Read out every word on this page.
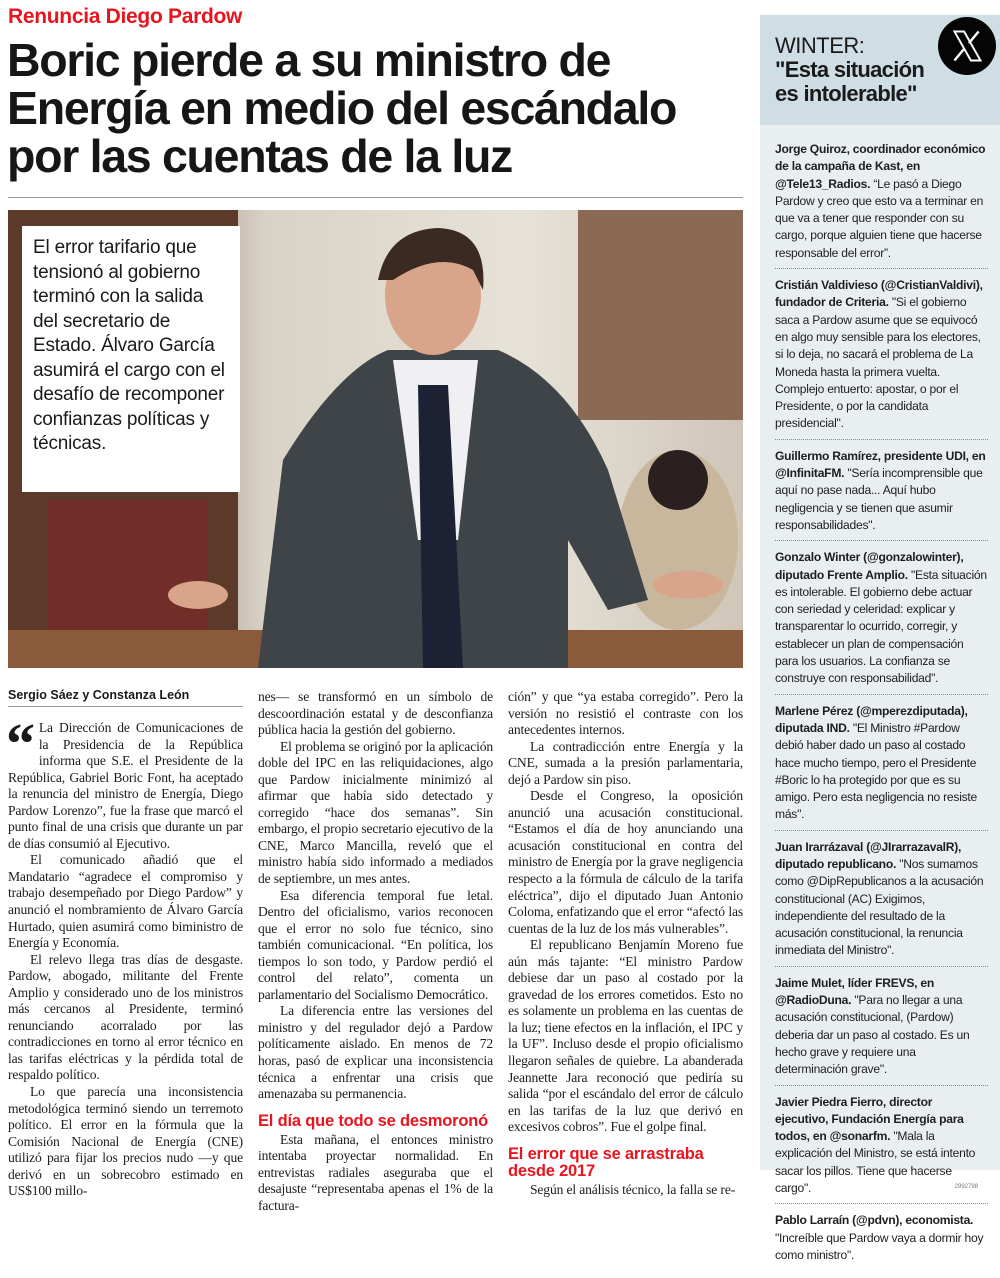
Renuncia Diego Pardow
Boric pierde a su ministro de Energía en medio del escándalo por las cuentas de la luz
El error tarifario que tensionó al gobierno terminó con la salida del secretario de Estado. Álvaro García asumirá el cargo con el desafío de recomponer confianzas políticas y técnicas.
Sergio Sáez y Constanza León

“ La Dirección de Comunicaciones de la Presidencia de la República informa que S.E. el Presidente de la República, Gabriel Boric Font, ha aceptado la renuncia del ministro de Energía, Diego Pardow Lorenzo”, fue la frase que marcó el punto final de una crisis que durante un par de días consumió al Ejecutivo.

El comunicado añadió que el Mandatario “agradece el compromiso y trabajo desempeñado por Diego Pardow” y anunció el nombramiento de Álvaro García Hurtado, quien asumirá como biministro de Energía y Economía.

El relevo llega tras días de desgaste. Pardow, abogado, militante del Frente Amplio y considerado uno de los ministros más cercanos al Presidente, terminó renunciando acorralado por las contradicciones en torno al error técnico en las tarifas eléctricas y la pérdida total de respaldo político.

Lo que parecía una inconsistencia metodológica terminó siendo un terremoto político. El error en la fórmula que la Comisión Nacional de Energía (CNE) utilizó para fijar los precios nudo —y que derivó en un sobrecobro estimado en US$100 millo-

nes— se transformó en un símbolo de descoordinación estatal y de desconfianza pública hacia la gestión del gobierno.

El problema se originó por la aplicación doble del IPC en las reliquidaciones, algo que Pardow inicialmente minimizó al afirmar que había sido detectado y corregido “hace dos semanas”. Sin embargo, el propio secretario ejecutivo de la CNE, Marco Mancilla, reveló que el ministro había sido informado a mediados de septiembre, un mes antes.

Esa diferencia temporal fue letal. Dentro del oficialismo, varios reconocen que el error no solo fue técnico, sino también comunicacional. “En política, los tiempos lo son todo, y Pardow perdió el control del relato”, comenta un parlamentario del Socialismo Democrático.

La diferencia entre las versiones del ministro y del regulador dejó a Pardow políticamente aislado. En menos de 72 horas, pasó de explicar una inconsistencia técnica a enfrentar una crisis que amenazaba su permanencia.

El día que todo se desmoronó

Esta mañana, el entonces ministro intentaba proyectar normalidad. En entrevistas radiales aseguraba que el desajuste “representaba apenas el 1% de la factura-

ción” y que “ya estaba corregido”. Pero la versión no resistió el contraste con los antecedentes internos.

La contradicción entre Energía y la CNE, sumada a la presión parlamentaria, dejó a Pardow sin piso.

Desde el Congreso, la oposición anunció una acusación constitucional. “Estamos el día de hoy anunciando una acusación constitucional en contra del ministro de Energía por la grave negligencia respecto a la fórmula de cálculo de la tarifa eléctrica”, dijo el diputado Juan Antonio Coloma, enfatizando que el error “afectó las cuentas de la luz de los más vulnerables”.

El republicano Benjamín Moreno fue aún más tajante: “El ministro Pardow debiese dar un paso al costado por la gravedad de los errores cometidos. Esto no es solamente un problema en las cuentas de la luz; tiene efectos en la inflación, el IPC y la UF”. Incluso desde el propio oficialismo llegaron señales de quiebre. La abanderada Jeannette Jara reconoció que pediría su salida “por el escándalo del error de cálculo en las tarifas de la luz que derivó en excesivos cobros”. Fue el golpe final.

El error que se arrastraba desde 2017

Según el análisis técnico, la falla se re-

WINTER:
"Esta situación es intolerable"
Jorge Quiroz, coordinador económico de la campaña de Kast, en @Tele13_Radios. “Le pasó a Diego Pardow y creo que esto va a terminar en que va a tener que responder con su cargo, porque alguien tiene que hacerse responsable del error”.
Cristián Valdivieso (@CristianValdivi), fundador de Criteria. "Si el gobierno saca a Pardow asume que se equivocó en algo muy sensible para los electores, si lo deja, no sacará el problema de La Moneda hasta la primera vuelta. Complejo entuerto: apostar, o por el Presidente, o por la candidata presidencial".
Guillermo Ramírez, presidente UDI, en @InfinitaFM. "Sería incomprensible que aquí no pase nada... Aquí hubo negligencia y se tienen que asumir responsabilidades".
Gonzalo Winter (@gonzalowinter), diputado Frente Amplio. "Esta situación es intolerable. El gobierno debe actuar con seriedad y celeridad: explicar y transparentar lo ocurrido, corregir, y establecer un plan de compensación para los usuarios. La confianza se construye con responsabilidad".
Marlene Pérez (@mperezdiputada), diputada IND. "El Ministro #Pardow debió haber dado un paso al costado hace mucho tiempo, pero el Presidente #Boric lo ha protegido por que es su amigo. Pero esta negligencia no resiste más".
Juan Irarrázaval (@JIrarrazavalR), diputado republicano. "Nos sumamos como @DipRepublicanos a la acusación constitucional (AC) Exigimos, independiente del resultado de la acusación constitucional, la renuncia inmediata del Ministro".
Jaime Mulet, líder FREVS, en @RadioDuna. "Para no llegar a una acusación constitucional, (Pardow) deberia dar un paso al costado. Es un hecho grave y requiere una determinación grave".
Javier Piedra Fierro, director ejecutivo, Fundación Energía para todos, en @sonarfm. "Mala la explicación del Ministro, se está intento sacar los pillos. Tiene que hacerse cargo".
Pablo Larraín (@pdvn), economista. "Increíble que Pardow vaya a dormir hoy como ministro".
2992798
